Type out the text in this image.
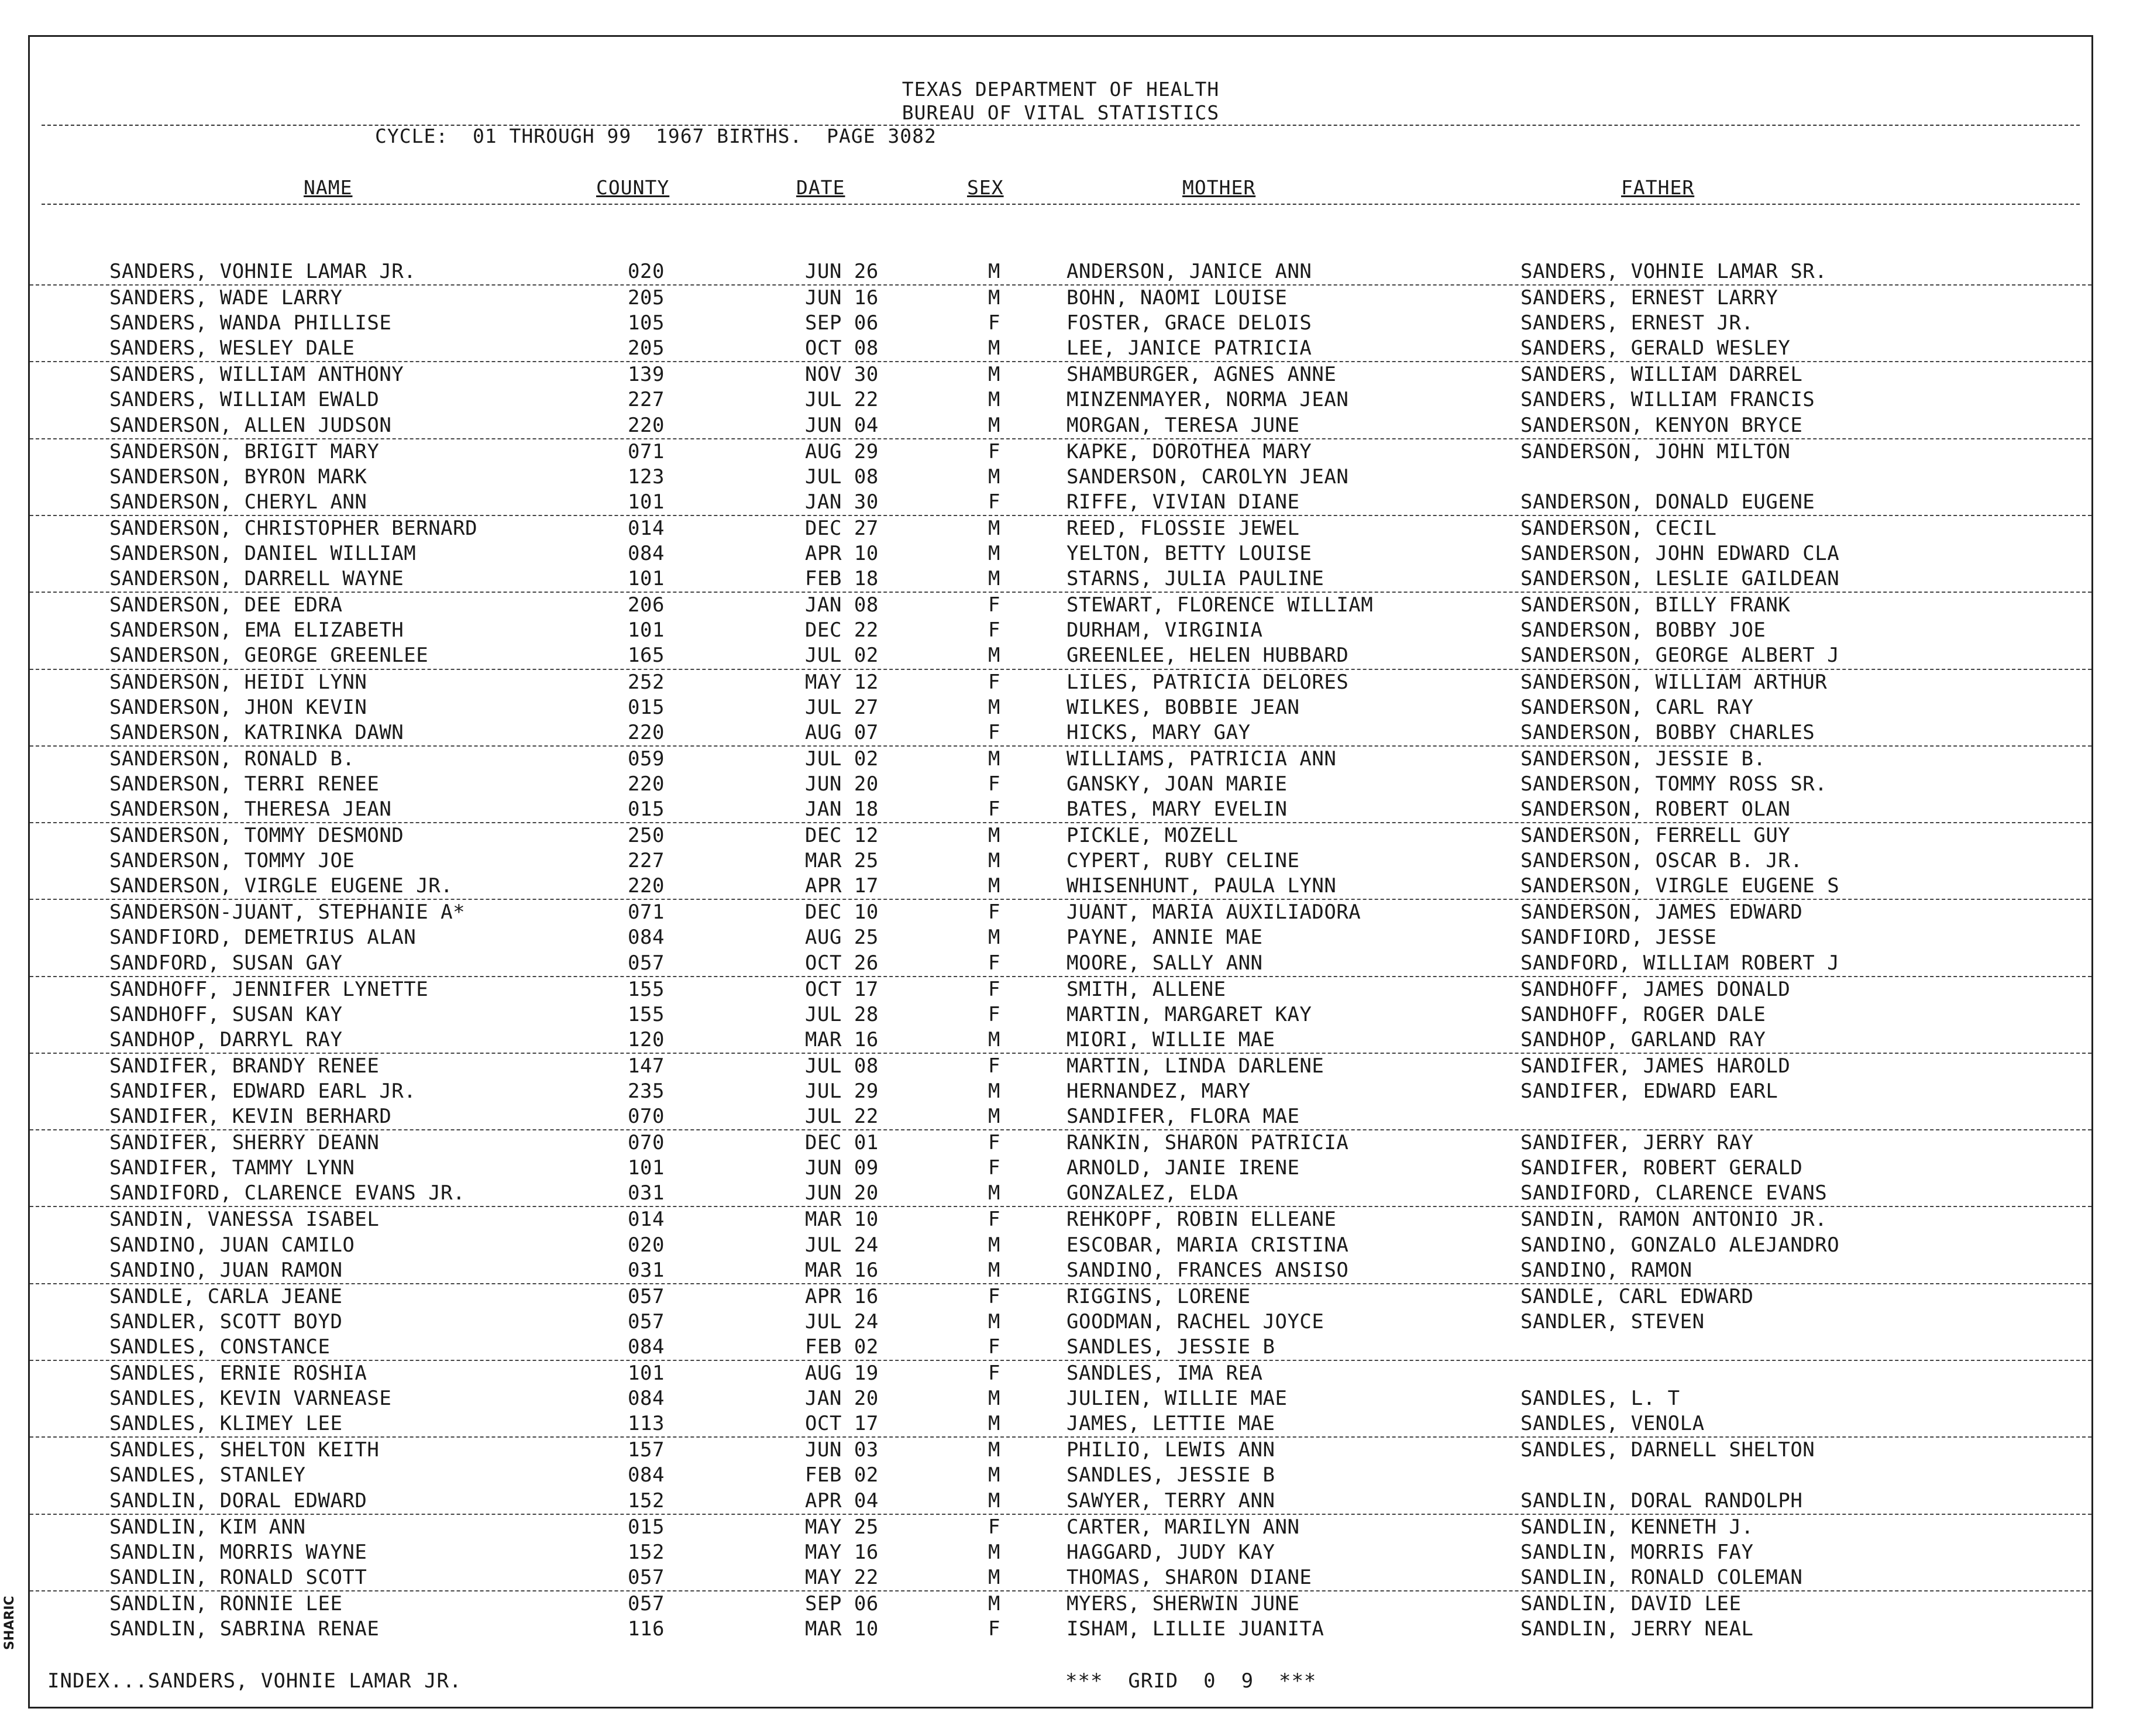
TEXAS DEPARTMENT OF HEALTH
BUREAU OF VITAL STATISTICS
CYCLE:  01 THROUGH 99  1967 BIRTHS.  PAGE 3082
NAME	COUNTY	DATE	SEX	MOTHER	FATHER
SANDERS, VOHNIE LAMAR JR.	020	JUN 26	M	ANDERSON, JANICE ANN	SANDERS, VOHNIE LAMAR SR.
SANDERS, WADE LARRY	205	JUN 16	M	BOHN, NAOMI LOUISE	SANDERS, ERNEST LARRY
SANDERS, WANDA PHILLISE	105	SEP 06	F	FOSTER, GRACE DELOIS	SANDERS, ERNEST JR.
SANDERS, WESLEY DALE	205	OCT 08	M	LEE, JANICE PATRICIA	SANDERS, GERALD WESLEY
SANDERS, WILLIAM ANTHONY	139	NOV 30	M	SHAMBURGER, AGNES ANNE	SANDERS, WILLIAM DARREL
SANDERS, WILLIAM EWALD	227	JUL 22	M	MINZENMAYER, NORMA JEAN	SANDERS, WILLIAM FRANCIS
SANDERSON, ALLEN JUDSON	220	JUN 04	M	MORGAN, TERESA JUNE	SANDERSON, KENYON BRYCE
SANDERSON, BRIGIT MARY	071	AUG 29	F	KAPKE, DOROTHEA MARY	SANDERSON, JOHN MILTON
SANDERSON, BYRON MARK	123	JUL 08	M	SANDERSON, CAROLYN JEAN
SANDERSON, CHERYL ANN	101	JAN 30	F	RIFFE, VIVIAN DIANE	SANDERSON, DONALD EUGENE
SANDERSON, CHRISTOPHER BERNARD	014	DEC 27	M	REED, FLOSSIE JEWEL	SANDERSON, CECIL
SANDERSON, DANIEL WILLIAM	084	APR 10	M	YELTON, BETTY LOUISE	SANDERSON, JOHN EDWARD CLA
SANDERSON, DARRELL WAYNE	101	FEB 18	M	STARNS, JULIA PAULINE	SANDERSON, LESLIE GAILDEAN
SANDERSON, DEE EDRA	206	JAN 08	F	STEWART, FLORENCE WILLIAM	SANDERSON, BILLY FRANK
SANDERSON, EMA ELIZABETH	101	DEC 22	F	DURHAM, VIRGINIA	SANDERSON, BOBBY JOE
SANDERSON, GEORGE GREENLEE	165	JUL 02	M	GREENLEE, HELEN HUBBARD	SANDERSON, GEORGE ALBERT J
SANDERSON, HEIDI LYNN	252	MAY 12	F	LILES, PATRICIA DELORES	SANDERSON, WILLIAM ARTHUR
SANDERSON, JHON KEVIN	015	JUL 27	M	WILKES, BOBBIE JEAN	SANDERSON, CARL RAY
SANDERSON, KATRINKA DAWN	220	AUG 07	F	HICKS, MARY GAY	SANDERSON, BOBBY CHARLES
SANDERSON, RONALD B.	059	JUL 02	M	WILLIAMS, PATRICIA ANN	SANDERSON, JESSIE B.
SANDERSON, TERRI RENEE	220	JUN 20	F	GANSKY, JOAN MARIE	SANDERSON, TOMMY ROSS SR.
SANDERSON, THERESA JEAN	015	JAN 18	F	BATES, MARY EVELIN	SANDERSON, ROBERT OLAN
SANDERSON, TOMMY DESMOND	250	DEC 12	M	PICKLE, MOZELL	SANDERSON, FERRELL GUY
SANDERSON, TOMMY JOE	227	MAR 25	M	CYPERT, RUBY CELINE	SANDERSON, OSCAR B. JR.
SANDERSON, VIRGLE EUGENE JR.	220	APR 17	M	WHISENHUNT, PAULA LYNN	SANDERSON, VIRGLE EUGENE S
SANDERSON-JUANT, STEPHANIE A*	071	DEC 10	F	JUANT, MARIA AUXILIADORA	SANDERSON, JAMES EDWARD
SANDFIORD, DEMETRIUS ALAN	084	AUG 25	M	PAYNE, ANNIE MAE	SANDFIORD, JESSE
SANDFORD, SUSAN GAY	057	OCT 26	F	MOORE, SALLY ANN	SANDFORD, WILLIAM ROBERT J
SANDHOFF, JENNIFER LYNETTE	155	OCT 17	F	SMITH, ALLENE	SANDHOFF, JAMES DONALD
SANDHOFF, SUSAN KAY	155	JUL 28	F	MARTIN, MARGARET KAY	SANDHOFF, ROGER DALE
SANDHOP, DARRYL RAY	120	MAR 16	M	MIORI, WILLIE MAE	SANDHOP, GARLAND RAY
SANDIFER, BRANDY RENEE	147	JUL 08	F	MARTIN, LINDA DARLENE	SANDIFER, JAMES HAROLD
SANDIFER, EDWARD EARL JR.	235	JUL 29	M	HERNANDEZ, MARY	SANDIFER, EDWARD EARL
SANDIFER, KEVIN BERHARD	070	JUL 22	M	SANDIFER, FLORA MAE
SANDIFER, SHERRY DEANN	070	DEC 01	F	RANKIN, SHARON PATRICIA	SANDIFER, JERRY RAY
SANDIFER, TAMMY LYNN	101	JUN 09	F	ARNOLD, JANIE IRENE	SANDIFER, ROBERT GERALD
SANDIFORD, CLARENCE EVANS JR.	031	JUN 20	M	GONZALEZ, ELDA	SANDIFORD, CLARENCE EVANS
SANDIN, VANESSA ISABEL	014	MAR 10	F	REHKOPF, ROBIN ELLEANE	SANDIN, RAMON ANTONIO JR.
SANDINO, JUAN CAMILO	020	JUL 24	M	ESCOBAR, MARIA CRISTINA	SANDINO, GONZALO ALEJANDRO
SANDINO, JUAN RAMON	031	MAR 16	M	SANDINO, FRANCES ANSISO	SANDINO, RAMON
SANDLE, CARLA JEANE	057	APR 16	F	RIGGINS, LORENE	SANDLE, CARL EDWARD
SANDLER, SCOTT BOYD	057	JUL 24	M	GOODMAN, RACHEL JOYCE	SANDLER, STEVEN
SANDLES, CONSTANCE	084	FEB 02	F	SANDLES, JESSIE B
SANDLES, ERNIE ROSHIA	101	AUG 19	F	SANDLES, IMA REA
SANDLES, KEVIN VARNEASE	084	JAN 20	M	JULIEN, WILLIE MAE	SANDLES, L. T
SANDLES, KLIMEY LEE	113	OCT 17	M	JAMES, LETTIE MAE	SANDLES, VENOLA
SANDLES, SHELTON KEITH	157	JUN 03	M	PHILIO, LEWIS ANN	SANDLES, DARNELL SHELTON
SANDLES, STANLEY	084	FEB 02	M	SANDLES, JESSIE B
SANDLIN, DORAL EDWARD	152	APR 04	M	SAWYER, TERRY ANN	SANDLIN, DORAL RANDOLPH
SANDLIN, KIM ANN	015	MAY 25	F	CARTER, MARILYN ANN	SANDLIN, KENNETH J.
SANDLIN, MORRIS WAYNE	152	MAY 16	M	HAGGARD, JUDY KAY	SANDLIN, MORRIS FAY
SANDLIN, RONALD SCOTT	057	MAY 22	M	THOMAS, SHARON DIANE	SANDLIN, RONALD COLEMAN
SANDLIN, RONNIE LEE	057	SEP 06	M	MYERS, SHERWIN JUNE	SANDLIN, DAVID LEE
SANDLIN, SABRINA RENAE	116	MAR 10	F	ISHAM, LILLIE JUANITA	SANDLIN, JERRY NEAL
INDEX...SANDERS, VOHNIE LAMAR JR.	***  GRID  0  9  ***
SHARIC
